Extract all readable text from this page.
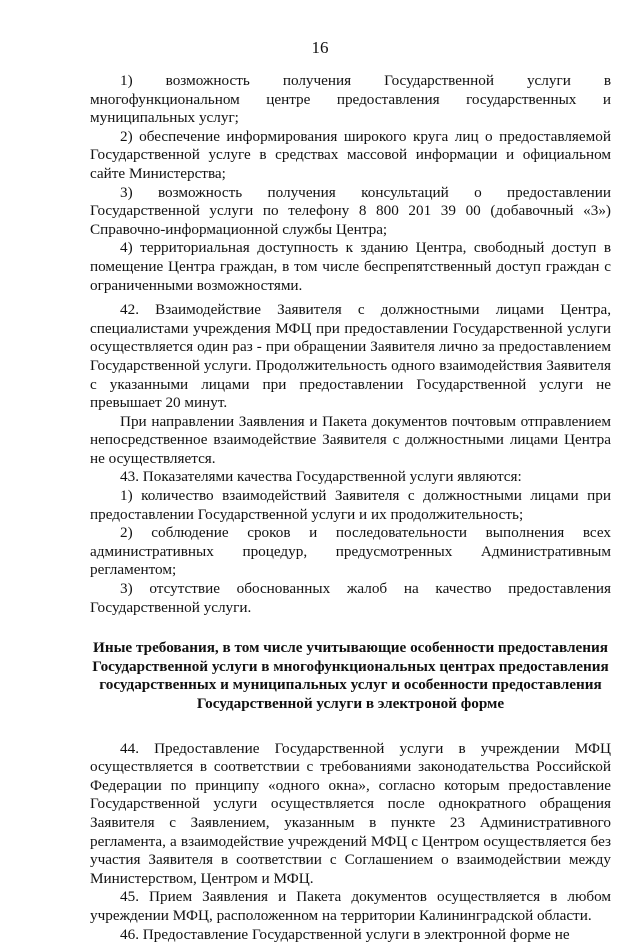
16

1) возможность получения Государственной услуги в многофункциональном центре предоставления государственных и муниципальных услуг;

2) обеспечение информирования широкого круга лиц о предоставляемой Государственной услуге в средствах массовой информации и официальном сайте Министерства;

3) возможность получения консультаций о предоставлении Государственной услуги по телефону 8 800 201 39 00 (добавочный «3») Справочно-информационной службы Центра;

4) территориальная доступность к зданию Центра, свободный доступ в помещение Центра граждан, в том числе беспрепятственный доступ граждан с ограниченными возможностями.

42. Взаимодействие Заявителя с должностными лицами Центра, специалистами учреждения МФЦ при предоставлении Государственной услуги осуществляется один раз - при обращении Заявителя лично за предоставлением Государственной услуги. Продолжительность одного взаимодействия Заявителя с указанными лицами при предоставлении Государственной услуги не превышает 20 минут.

При направлении Заявления и Пакета документов почтовым отправлением непосредственное взаимодействие Заявителя с должностными лицами Центра не осуществляется.

43. Показателями качества Государственной услуги являются:

1) количество взаимодействий Заявителя с должностными лицами при предоставлении Государственной услуги и их продолжительность;

2) соблюдение сроков и последовательности выполнения всех административных процедур, предусмотренных Административным регламентом;

3) отсутствие обоснованных жалоб на качество предоставления Государственной услуги.

Иные требования, в том числе учитывающие особенности предоставления Государственной услуги в многофункциональных центрах предоставления государственных и муниципальных услуг и особенности предоставления Государственной услуги в электроной форме

44. Предоставление Государственной услуги в учреждении МФЦ осуществляется в соответствии с требованиями законодательства Российской Федерации по принципу «одного окна», согласно которым предоставление Государственной услуги осуществляется после однократного обращения Заявителя с Заявлением, указанным в пункте 23 Административного регламента, а взаимодействие учреждений МФЦ с Центром осуществляется без участия Заявителя в соответствии с Соглашением о взаимодействии между Министерством, Центром и МФЦ.

45. Прием Заявления и Пакета документов осуществляется в любом учреждении МФЦ, расположенном на территории Калининградской области.

46. Предоставление Государственной услуги в электронной форме не
